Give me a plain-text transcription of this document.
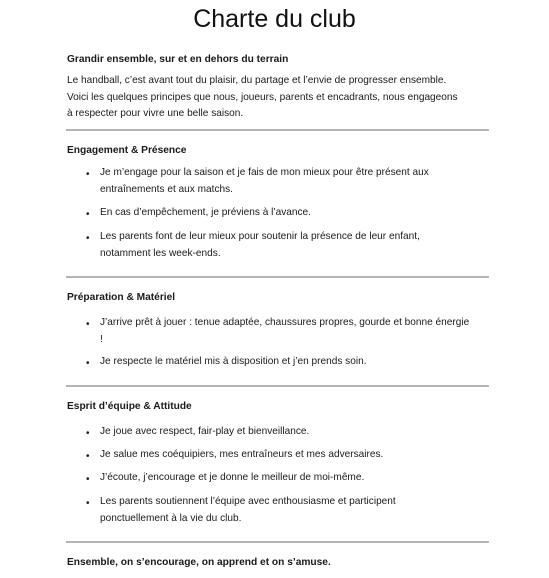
Charte du club
Grandir ensemble, sur et en dehors du terrain
Le handball, c’est avant tout du plaisir, du partage et l’envie de progresser ensemble.
Voici les quelques principes que nous, joueurs, parents et encadrants, nous engageons
à respecter pour vivre une belle saison.
Engagement & Présence
• Je m’engage pour la saison et je fais de mon mieux pour être présent aux
entraînements et aux matchs.
• En cas d’empêchement, je préviens à l’avance.
• Les parents font de leur mieux pour soutenir la présence de leur enfant,
notamment les week-ends.
Préparation & Matériel
• J’arrive prêt à jouer : tenue adaptée, chaussures propres, gourde et bonne énergie
!
• Je respecte le matériel mis à disposition et j’en prends soin.
Esprit d’équipe & Attitude
• Je joue avec respect, fair-play et bienveillance.
• Je salue mes coéquipiers, mes entraîneurs et mes adversaires.
• J’écoute, j’encourage et je donne le meilleur de moi-même.
• Les parents soutiennent l’équipe avec enthousiasme et participent
ponctuellement à la vie du club.
Ensemble, on s’encourage, on apprend et on s’amuse.
